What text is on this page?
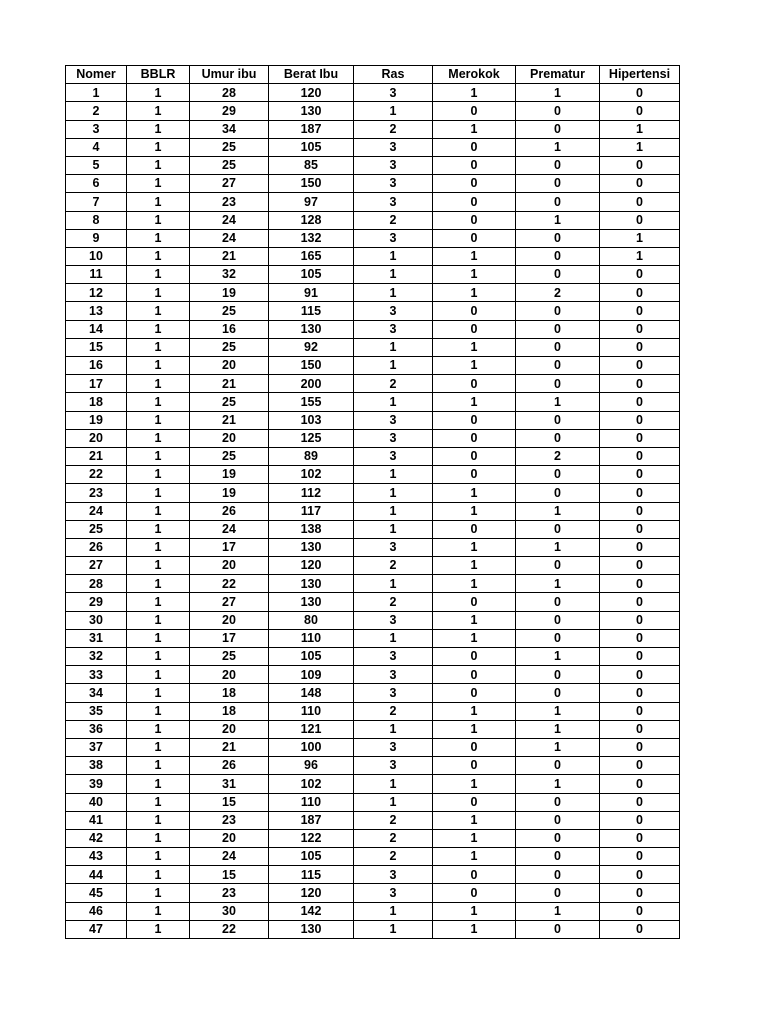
Nomer	BBLR	Umur ibu	Berat Ibu	Ras	Merokok	Prematur	Hipertensi
1	1	28	120	3	1	1	0
2	1	29	130	1	0	0	0
3	1	34	187	2	1	0	1
4	1	25	105	3	0	1	1
5	1	25	85	3	0	0	0
6	1	27	150	3	0	0	0
7	1	23	97	3	0	0	0
8	1	24	128	2	0	1	0
9	1	24	132	3	0	0	1
10	1	21	165	1	1	0	1
11	1	32	105	1	1	0	0
12	1	19	91	1	1	2	0
13	1	25	115	3	0	0	0
14	1	16	130	3	0	0	0
15	1	25	92	1	1	0	0
16	1	20	150	1	1	0	0
17	1	21	200	2	0	0	0
18	1	25	155	1	1	1	0
19	1	21	103	3	0	0	0
20	1	20	125	3	0	0	0
21	1	25	89	3	0	2	0
22	1	19	102	1	0	0	0
23	1	19	112	1	1	0	0
24	1	26	117	1	1	1	0
25	1	24	138	1	0	0	0
26	1	17	130	3	1	1	0
27	1	20	120	2	1	0	0
28	1	22	130	1	1	1	0
29	1	27	130	2	0	0	0
30	1	20	80	3	1	0	0
31	1	17	110	1	1	0	0
32	1	25	105	3	0	1	0
33	1	20	109	3	0	0	0
34	1	18	148	3	0	0	0
35	1	18	110	2	1	1	0
36	1	20	121	1	1	1	0
37	1	21	100	3	0	1	0
38	1	26	96	3	0	0	0
39	1	31	102	1	1	1	0
40	1	15	110	1	0	0	0
41	1	23	187	2	1	0	0
42	1	20	122	2	1	0	0
43	1	24	105	2	1	0	0
44	1	15	115	3	0	0	0
45	1	23	120	3	0	0	0
46	1	30	142	1	1	1	0
47	1	22	130	1	1	0	0
